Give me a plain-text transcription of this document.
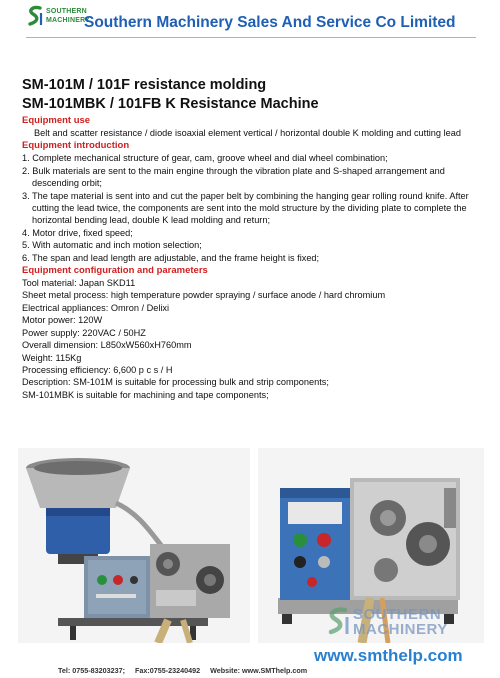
SOUTHERN
MACHINERY
Southern Machinery Sales And Service Co Limited
SM-101M / 101F resistance molding
SM-101MBK / 101FB K Resistance Machine
Equipment use

Belt and scatter resistance / diode isoaxial element vertical / horizontal double K molding and cutting lead

Equipment introduction

1. Complete mechanical structure of gear, cam, groove wheel and dial wheel combination;

2. Bulk materials are sent to the main engine through the vibration plate and S-shaped arrangement and descending orbit;

3. The tape material is sent into and cut the paper belt by combining the hanging gear rolling round knife. After cutting the lead twice, the components are sent into the mold structure by the dividing plate to complete the horizontal bending lead, double K lead molding and return;

4. Motor drive, fixed speed;

5. With automatic and inch motion selection;

6. The span and lead length are adjustable, and the frame height is fixed;

Equipment configuration and parameters

Tool material: Japan SKD11

Sheet metal process: high temperature powder spraying / surface anode / hard chromium

Electrical appliances: Omron / Delixi

Motor power: 120W

Power supply: 220VAC / 50HZ

Overall dimension: L850xW560xH760mm

Weight: 115Kg

Processing efficiency: 6,600 p c s / H

Description: SM-101M is suitable for processing bulk and strip components;

SM-101MBK is suitable for machining and tape components;

SOUTHERN
MACHINERY
www.smthelp.com
Tel: 0755-83203237; Fax:0755-23240492 Website: www.SMThelp.com
